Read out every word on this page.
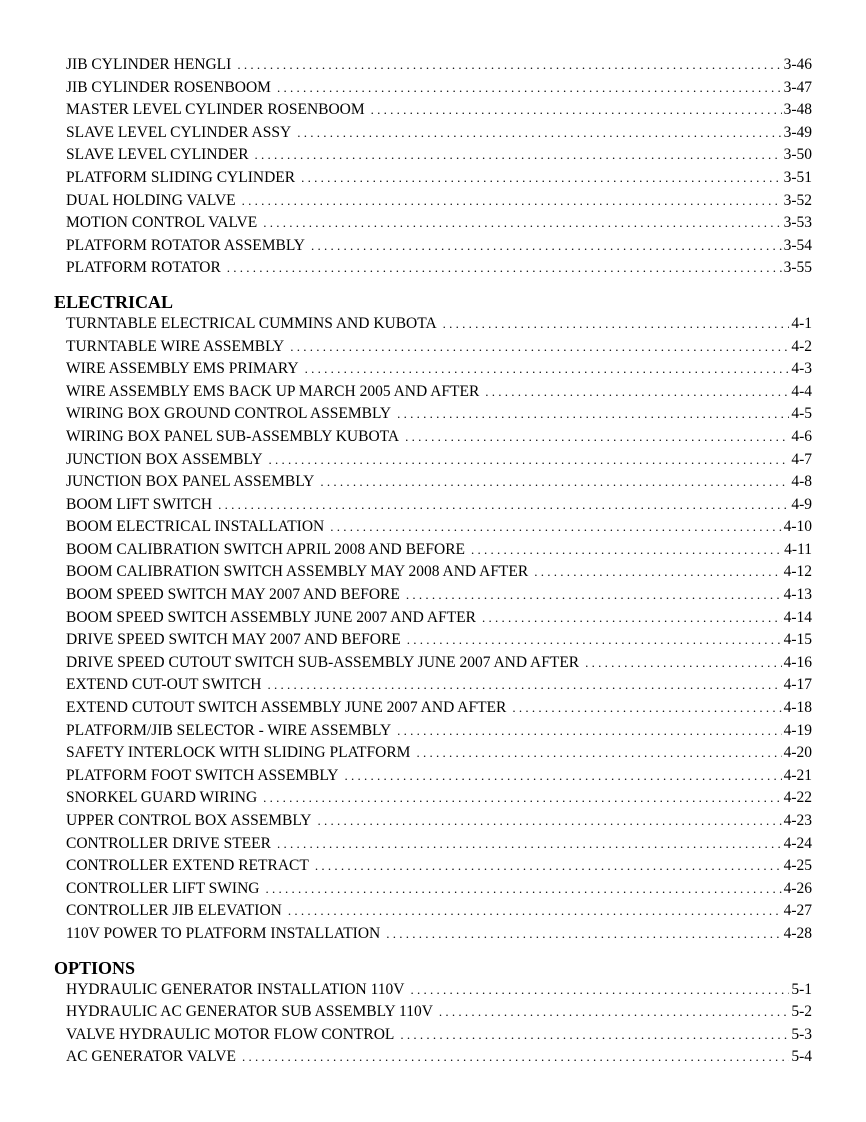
JIB CYLINDER HENGLI . . .	3-46
JIB CYLINDER ROSENBOOM . . .	3-47
MASTER LEVEL CYLINDER ROSENBOOM . . .	3-48
SLAVE LEVEL CYLINDER ASSY . . .	3-49
SLAVE LEVEL CYLINDER . . .	3-50
PLATFORM SLIDING CYLINDER . . .	3-51
DUAL HOLDING VALVE . . .	3-52
MOTION CONTROL VALVE . . .	3-53
PLATFORM ROTATOR ASSEMBLY . . .	3-54
PLATFORM ROTATOR . . .	3-55
ELECTRICAL
TURNTABLE ELECTRICAL CUMMINS AND KUBOTA . . .	4-1
TURNTABLE WIRE ASSEMBLY . . .	4-2
WIRE ASSEMBLY EMS PRIMARY . . .	4-3
WIRE ASSEMBLY EMS BACK UP MARCH 2005 AND AFTER . . .	4-4
WIRING BOX GROUND CONTROL ASSEMBLY . . .	4-5
WIRING BOX PANEL SUB-ASSEMBLY KUBOTA . . .	4-6
JUNCTION BOX ASSEMBLY . . .	4-7
JUNCTION BOX PANEL ASSEMBLY . . .	4-8
BOOM LIFT SWITCH . . .	4-9
BOOM ELECTRICAL INSTALLATION . . .	4-10
BOOM CALIBRATION SWITCH APRIL 2008 AND BEFORE . . .	4-11
BOOM CALIBRATION SWITCH ASSEMBLY MAY 2008 AND AFTER . . .	4-12
BOOM SPEED SWITCH MAY 2007 AND BEFORE . . .	4-13
BOOM SPEED SWITCH ASSEMBLY JUNE 2007 AND AFTER . . .	4-14
DRIVE SPEED SWITCH MAY 2007 AND BEFORE . . .	4-15
DRIVE SPEED CUTOUT SWITCH SUB-ASSEMBLY JUNE 2007 AND AFTER . . .	4-16
EXTEND CUT-OUT SWITCH . . .	4-17
EXTEND CUTOUT SWITCH ASSEMBLY JUNE 2007 AND AFTER . . .	4-18
PLATFORM/JIB SELECTOR - WIRE ASSEMBLY . . .	4-19
SAFETY INTERLOCK WITH SLIDING PLATFORM . . .	4-20
PLATFORM FOOT SWITCH ASSEMBLY . . .	4-21
SNORKEL GUARD WIRING . . .	4-22
UPPER CONTROL BOX ASSEMBLY . . .	4-23
CONTROLLER DRIVE STEER . . .	4-24
CONTROLLER EXTEND RETRACT . . .	4-25
CONTROLLER LIFT SWING . . .	4-26
CONTROLLER JIB ELEVATION . . .	4-27
110V POWER TO PLATFORM INSTALLATION . . .	4-28
OPTIONS
HYDRAULIC GENERATOR INSTALLATION 110V . . .	5-1
HYDRAULIC AC GENERATOR SUB ASSEMBLY 110V . . .	5-2
VALVE HYDRAULIC MOTOR FLOW CONTROL . . .	5-3
AC GENERATOR VALVE . . .	5-4
